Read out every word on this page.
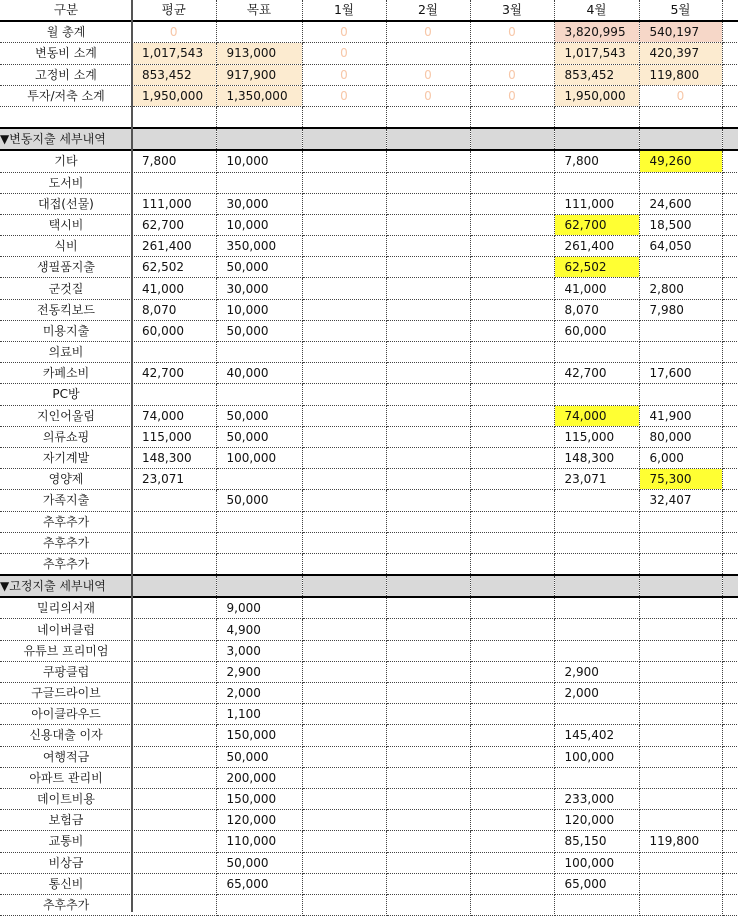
구분	평균	목표	1월	2월	3월	4월	5월	
월 총계	0		0	0	0	3,820,995	540,197	
변동비 소계	1,017,543	913,000	0			1,017,543	420,397	
고정비 소계	853,452	917,900	0	0	0	853,452	119,800	
투자/저축 소계	1,950,000	1,350,000	0	0	0	1,950,000	0	

▼변동지출 세부내역								
기타	7,800	10,000				7,800	49,260	
도서비								
대접(선물)	111,000	30,000				111,000	24,600	
택시비	62,700	10,000				62,700	18,500	
식비	261,400	350,000				261,400	64,050	
생필품지출	62,502	50,000				62,502		
군것질	41,000	30,000				41,000	2,800	
전동킥보드	8,070	10,000				8,070	7,980	
미용지출	60,000	50,000				60,000		
의료비								
카페소비	42,700	40,000				42,700	17,600	
PC방								
지인어울림	74,000	50,000				74,000	41,900	
의류쇼핑	115,000	50,000				115,000	80,000	
자기계발	148,300	100,000				148,300	6,000	
영양제	23,071					23,071	75,300	
가족지출		50,000					32,407	
추후추가								
추후추가								
추후추가								
▼고정지출 세부내역								
밀리의서재		9,000						
네이버클럽		4,900						
유튜브 프리미엄		3,000						
쿠팡클럽		2,900				2,900		
구글드라이브		2,000				2,000		
아이클라우드		1,100						
신용대출 이자		150,000				145,402		
여행적금		50,000				100,000		
아파트 관리비		200,000						
데이트비용		150,000				233,000		
보험금		120,000				120,000		
교통비		110,000				85,150	119,800	
비상금		50,000				100,000		
통신비		65,000				65,000		
추후추가								
